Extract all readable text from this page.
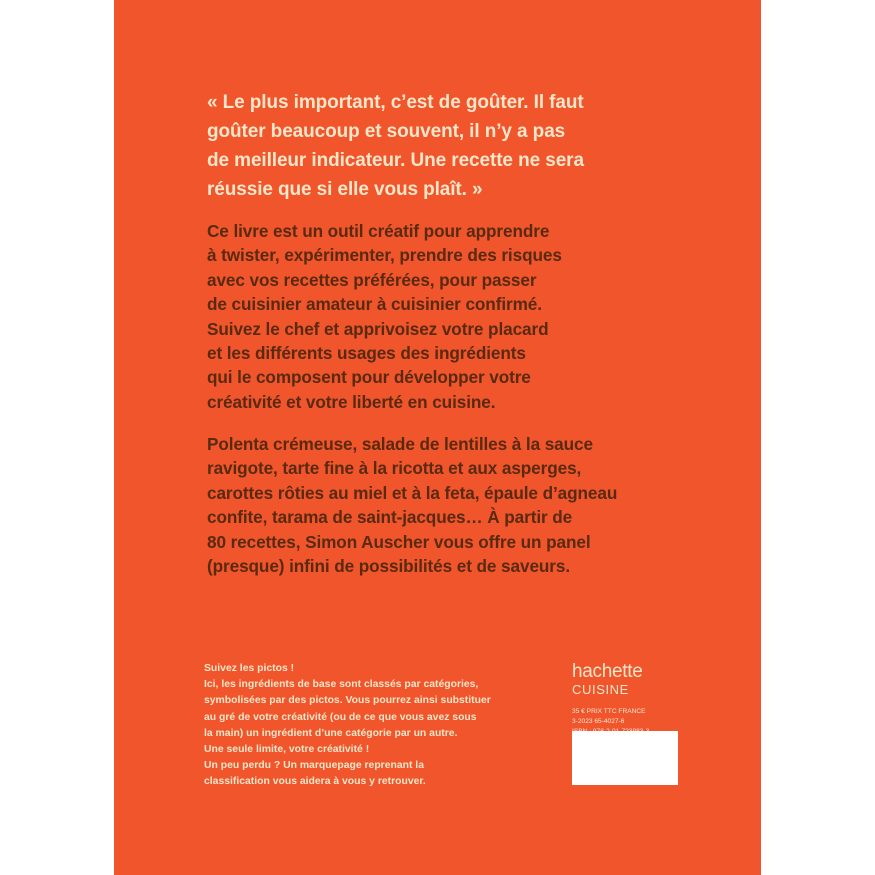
« Le plus important, c’est de goûter. Il faut
goûter beaucoup et souvent, il n’y a pas
de meilleur indicateur. Une recette ne sera
réussie que si elle vous plaît. »

Ce livre est un outil créatif pour apprendre
à twister, expérimenter, prendre des risques
avec vos recettes préférées, pour passer
de cuisinier amateur à cuisinier confirmé.
Suivez le chef et apprivoisez votre placard
et les différents usages des ingrédients
qui le composent pour développer votre
créativité et votre liberté en cuisine.

Polenta crémeuse, salade de lentilles à la sauce
ravigote, tarte fine à la ricotta et aux asperges,
carottes rôties au miel et à la feta, épaule d’agneau
confite, tarama de saint-jacques… À partir de
80 recettes, Simon Auscher vous offre un panel
(presque) infini de possibilités et de saveurs.

Suivez les pictos !
Ici, les ingrédients de base sont classés par catégories,
symbolisées par des pictos. Vous pourrez ainsi substituer
au gré de votre créativité (ou de ce que vous avez sous
la main) un ingrédient d’une catégorie par un autre.
Une seule limite, votre créativité !
Un peu perdu ? Un marquepage reprenant la
classification vous aidera à vous y retrouver.
hachette
CUISINE
35 € PRIX TTC FRANCE
3-2023 65-4027-6
